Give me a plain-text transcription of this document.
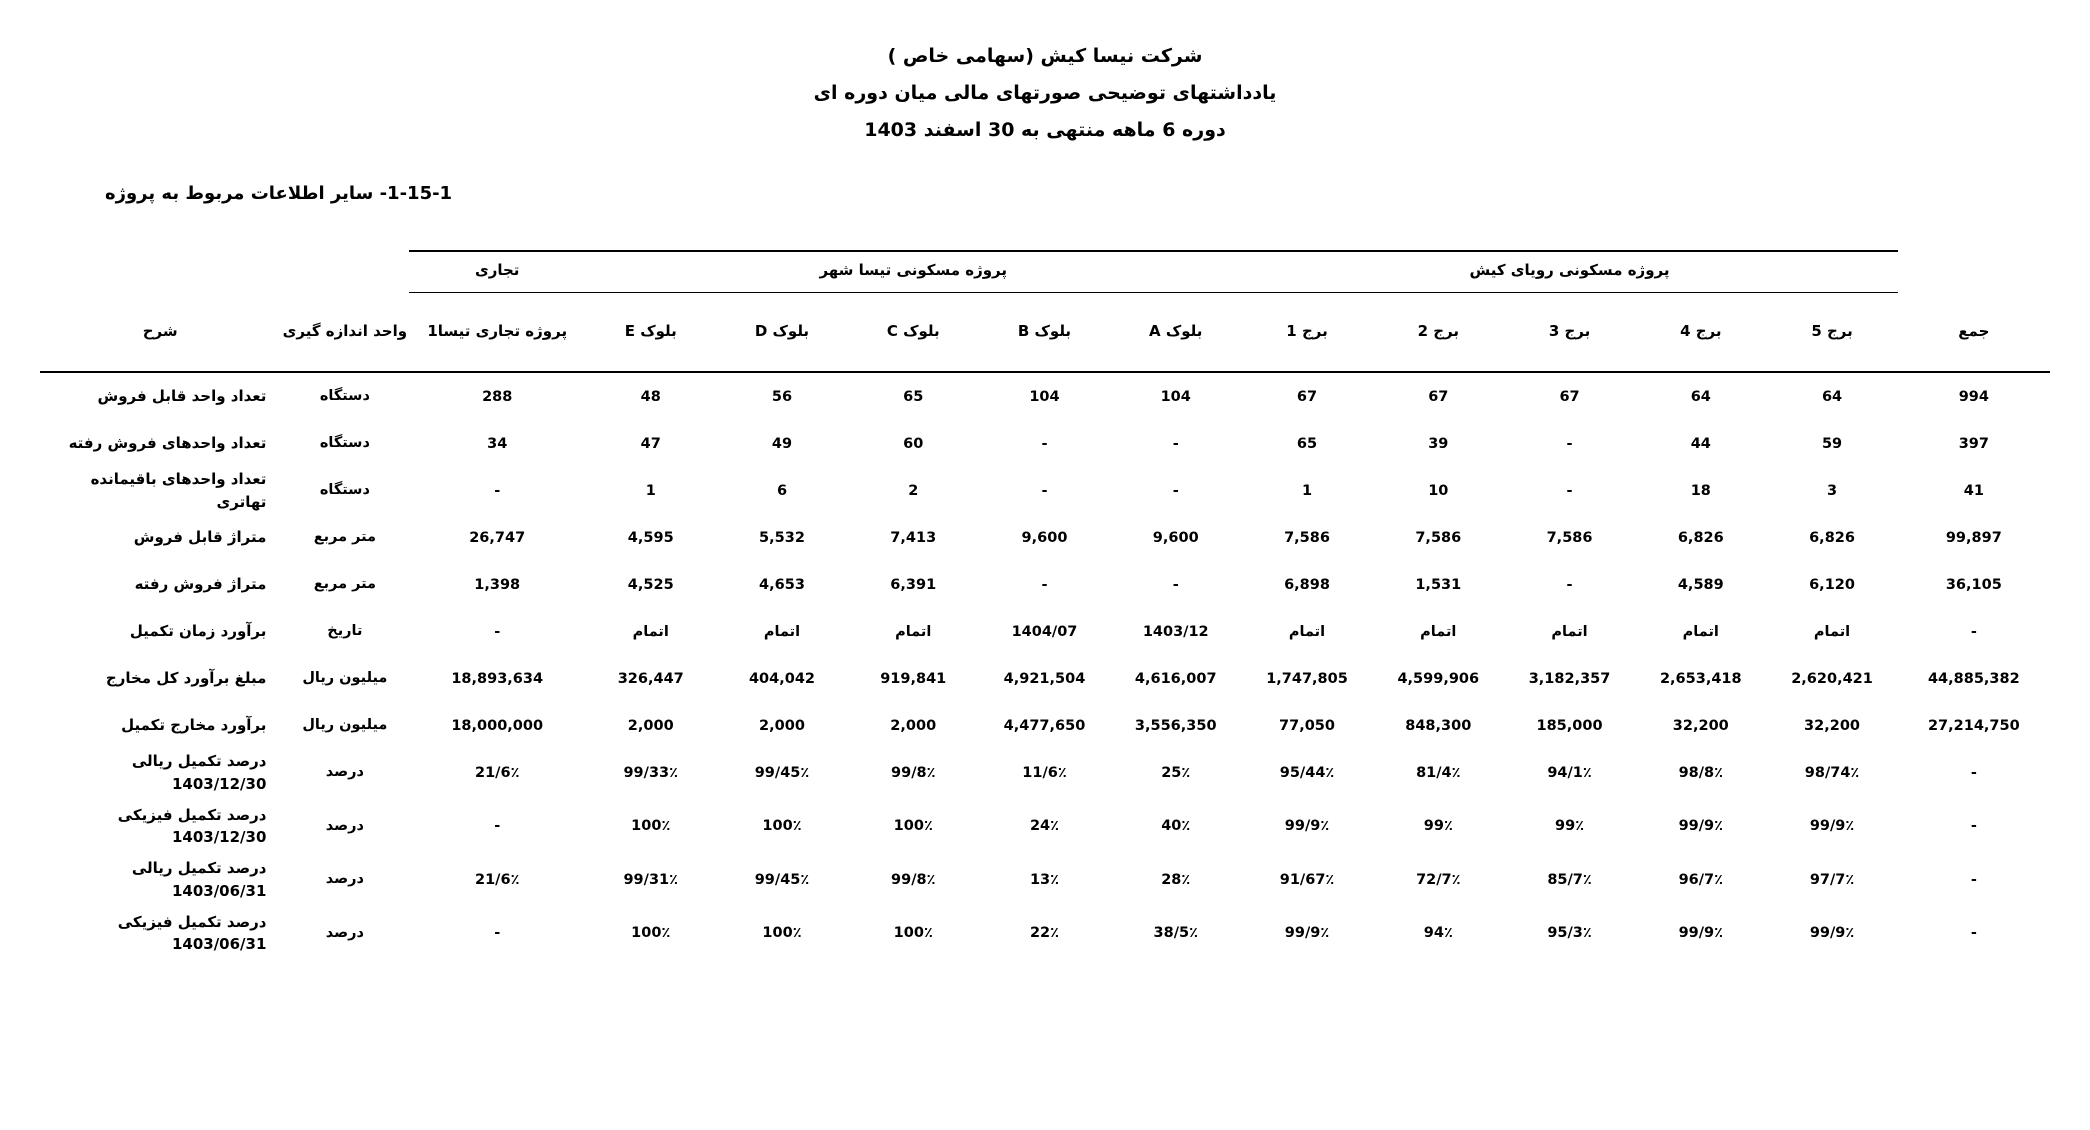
شرکت نیسا کیش (سهامی خاص )
یادداشتهای توضیحی صورتهای مالی میان دوره ای
دوره 6 ماهه منتهی به 30 اسفند 1403
1-15-1- سایر اطلاعات مربوط به پروژه
	پروژه مسکونی رویای کیش					پروژه مسکونی تیسا شهر					تجاری		
جمع	برج 5	برج 4	برج 3	برج 2	برج 1	بلوک A	بلوک B	بلوک C	بلوک D	بلوک E	پروژه تجاری تیسا1	واحد اندازه گیری	شرح
994	64	64	67	67	67	104	104	65	56	48	288	دستگاه	تعداد واحد قابل فروش
397	59	44	-	39	65	-	-	60	49	47	34	دستگاه	تعداد واحدهای فروش رفته
41	3	18	-	10	1	-	-	2	6	1	-	دستگاه	تعداد واحدهای باقیمانده تهاتری
99,897	6,826	6,826	7,586	7,586	7,586	9,600	9,600	7,413	5,532	4,595	26,747	متر مربع	متراژ قابل فروش
36,105	6,120	4,589	-	1,531	6,898	-	-	6,391	4,653	4,525	1,398	متر مربع	متراژ فروش رفته
-	اتمام	اتمام	اتمام	اتمام	اتمام	1403/12	1404/07	اتمام	اتمام	اتمام	-	تاریخ	برآورد زمان تکمیل
44,885,382	2,620,421	2,653,418	3,182,357	4,599,906	1,747,805	4,616,007	4,921,504	919,841	404,042	326,447	18,893,634	میلیون ریال	مبلغ برآورد کل مخارج
27,214,750	32,200	32,200	185,000	848,300	77,050	3,556,350	4,477,650	2,000	2,000	2,000	18,000,000	میلیون ریال	برآورد مخارج تکمیل
-	98/74٪	98/8٪	94/1٪	81/4٪	95/44٪	25٪	11/6٪	99/8٪	99/45٪	99/33٪	21/6٪	درصد	درصد تکمیل ریالی 1403/12/30
-	99/9٪	99/9٪	99٪	99٪	99/9٪	40٪	24٪	100٪	100٪	100٪	-	درصد	درصد تکمیل فیزیکی 1403/12/30
-	97/7٪	96/7٪	85/7٪	72/7٪	91/67٪	28٪	13٪	99/8٪	99/45٪	99/31٪	21/6٪	درصد	درصد تکمیل ریالی 1403/06/31
-	99/9٪	99/9٪	95/3٪	94٪	99/9٪	38/5٪	22٪	100٪	100٪	100٪	-	درصد	درصد تکمیل فیزیکی 1403/06/31
